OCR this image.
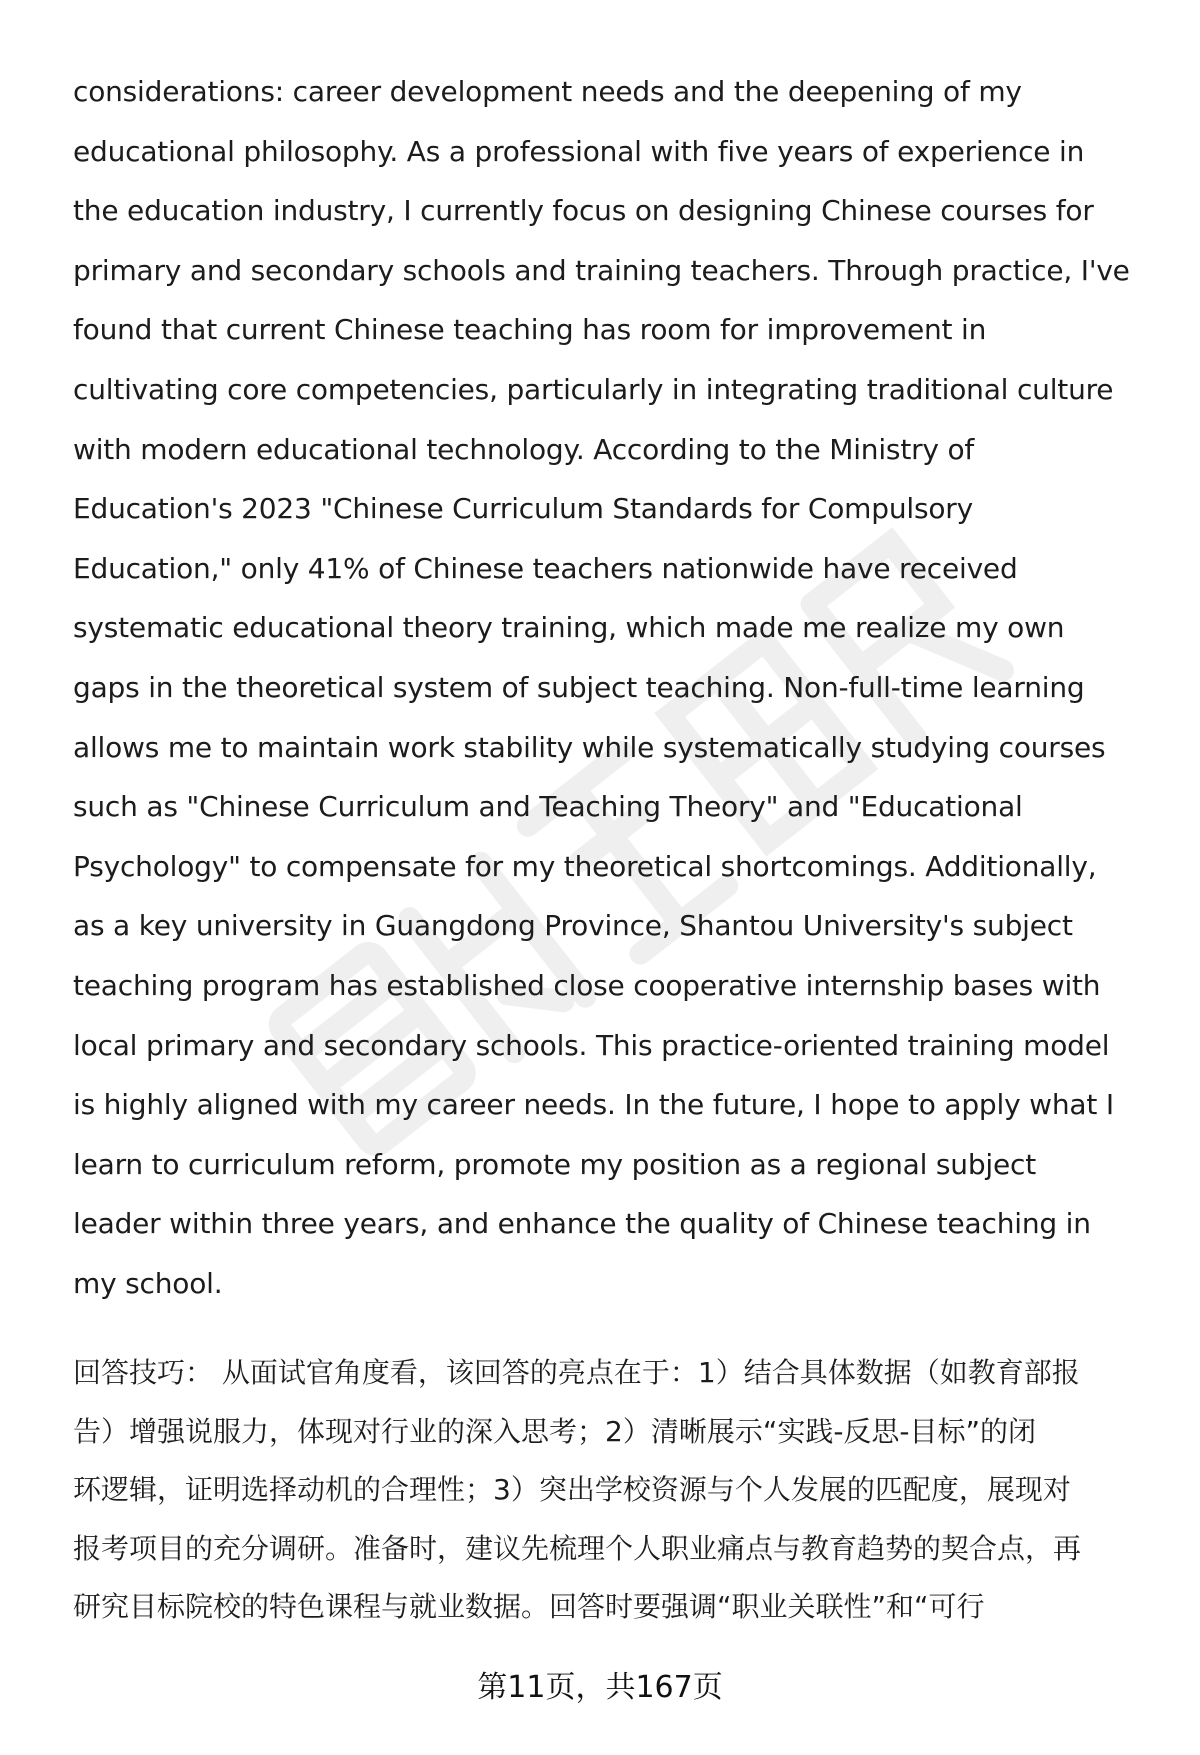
considerations: career development needs and the deepening of my
educational philosophy. As a professional with five years of experience in
the education industry, I currently focus on designing Chinese courses for
primary and secondary schools and training teachers. Through practice, I've
found that current Chinese teaching has room for improvement in
cultivating core competencies, particularly in integrating traditional culture
with modern educational technology. According to the Ministry of
Education's 2023 "Chinese Curriculum Standards for Compulsory
Education," only 41% of Chinese teachers nationwide have received
systematic educational theory training, which made me realize my own
gaps in the theoretical system of subject teaching. Non-full-time learning
allows me to maintain work stability while systematically studying courses
such as "Chinese Curriculum and Teaching Theory" and "Educational
Psychology" to compensate for my theoretical shortcomings. Additionally,
as a key university in Guangdong Province, Shantou University's subject
teaching program has established close cooperative internship bases with
local primary and secondary schools. This practice-oriented training model
is highly aligned with my career needs. In the future, I hope to apply what I
learn to curriculum reform, promote my position as a regional subject
leader within three years, and enhance the quality of Chinese teaching in
my school.
回答技巧： 从面试官角度看，该回答的亮点在于：1）结合具体数据（如教育部报
告）增强说服力，体现对行业的深入思考；2）清晰展示“实践-反思-目标”的闭
环逻辑，证明选择动机的合理性；3）突出学校资源与个人发展的匹配度，展现对
报考项目的充分调研。准备时，建议先梳理个人职业痛点与教育趋势的契合点，再
研究目标院校的特色课程与就业数据。回答时要强调“职业关联性”和“可行
第11页，共167页
